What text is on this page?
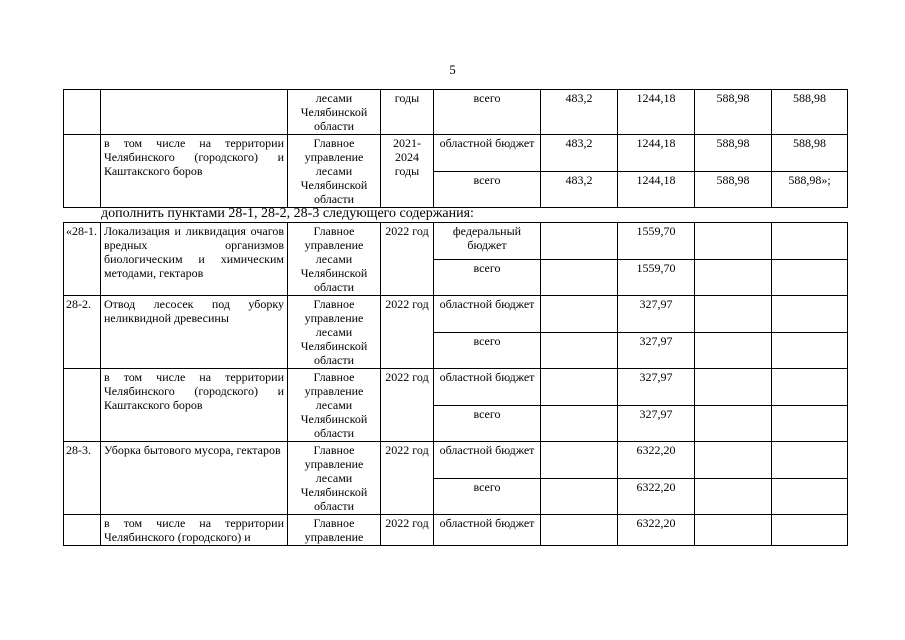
5
		лесами Челябинской области	годы	всего	483,2	1244,18	588,98	588,98
	в том числе на территории Челябинского (городского) и Каштакского боров	Главное управление лесами Челябинской области	2021-2024 годы	областной бюджет	483,2	1244,18	588,98	588,98
				всего	483,2	1244,18	588,98	588,98»;
дополнить пунктами 28-1, 28-2, 28-3 следующего содержания:
«28-1.	Локализация и ликвидация очагов вредных организмов биологическим и химическим методами, гектаров	Главное управление лесами Челябинской области	2022 год	федеральный бюджет		1559,70		
				всего		1559,70		
28-2.	Отвод лесосек под уборку неликвидной древесины	Главное управление лесами Челябинской области	2022 год	областной бюджет		327,97		
				всего		327,97		
	в том числе на территории Челябинского (городского) и Каштакского боров	Главное управление лесами Челябинской области	2022 год	областной бюджет		327,97		
				всего		327,97		
28-3.	Уборка бытового мусора, гектаров	Главное управление лесами Челябинской области	2022 год	областной бюджет		6322,20		
				всего		6322,20		
	в том числе на территории Челябинского (городского) и	Главное управление	2022 год	областной бюджет		6322,20		
